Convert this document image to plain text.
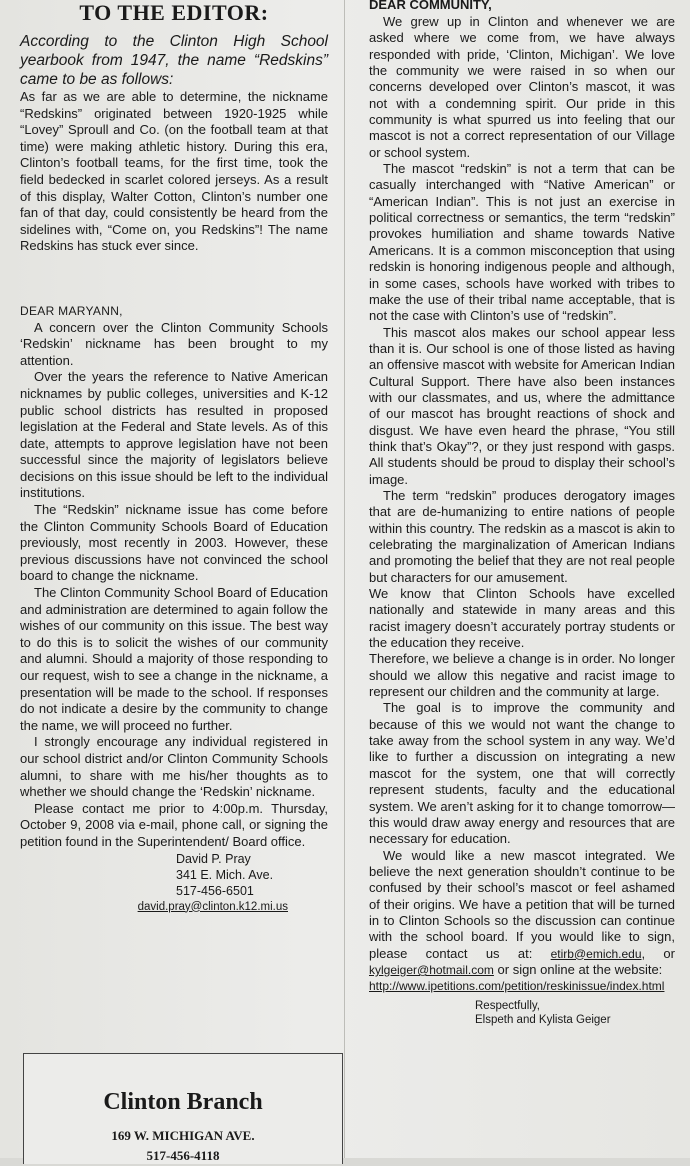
TO THE EDITOR:

According to the Clinton High School yearbook from 1947, the name “Redskins” came to be as follows:

As far as we are able to determine, the nickname “Redskins” originated between 1920-1925 while “Lovey” Sproull and Co. (on the football team at that time) were making athletic history. During this era, Clinton’s football teams, for the first time, took the field bedecked in scarlet colored jerseys. As a result of this display, Walter Cotton, Clinton’s number one fan of that day, could consistently be heard from the sidelines with, “Come on, you Redskins”! The name Redskins has stuck ever since.

DEAR MARYANN,

A concern over the Clinton Community Schools ‘Redskin’ nickname has been brought to my attention.

Over the years the reference to Native American nicknames by public colleges, universities and K-12 public school districts has resulted in proposed legislation at the Federal and State levels. As of this date, attempts to approve legislation have not been successful since the majority of legislators believe decisions on this issue should be left to the individual institutions.

The “Redskin” nickname issue has come before the Clinton Community Schools Board of Education previously, most recently in 2003. However, these previous discussions have not convinced the school board to change the nickname.

The Clinton Community School Board of Education and administration are determined to again follow the wishes of our community on this issue. The best way to do this is to solicit the wishes of our community and alumni. Should a majority of those responding to our request, wish to see a change in the nickname, a presentation will be made to the school. If responses do not indicate a desire by the community to change the name, we will proceed no further.

I strongly encourage any individual registered in our school district and/or Clinton Community Schools alumni, to share with me his/her thoughts as to whether we should change the ‘Redskin’ nickname.

Please contact me prior to 4:00p.m. Thursday, October 9, 2008 via e-mail, phone call, or signing the petition found in the Superintendent/ Board office.

David P. Pray
341 E. Mich. Ave.
517-456-6501
david.pray@clinton.k12.mi.us
Clinton Branch
169 W. MICHIGAN AVE.
517-456-4118
DEAR COMMUNITY,

We grew up in Clinton and whenever we are asked where we come from, we have always responded with pride, ‘Clinton, Michigan’. We love the community we were raised in so when our concerns developed over Clinton’s mascot, it was not with a condemning spirit. Our pride in this community is what spurred us into feeling that our mascot is not a correct representation of our Village or school system.

The mascot “redskin” is not a term that can be casually interchanged with “Native American” or “American Indian”. This is not just an exercise in political correctness or semantics, the term “redskin” provokes humiliation and shame towards Native Americans. It is a common misconception that using redskin is honoring indigenous people and although, in some cases, schools have worked with tribes to make the use of their tribal name acceptable, that is not the case with Clinton’s use of “redskin”.

This mascot alos makes our school appear less than it is. Our school is one of those listed as having an offensive mascot with website for American Indian Cultural Support. There have also been instances with our classmates, and us, where the admittance of our mascot has brought reactions of shock and disgust. We have even heard the phrase, “You still think that’s Okay”?, or they just respond with gasps. All students should be proud to display their school’s image.

The term “redskin” produces derogatory images that are de-humanizing to entire nations of people within this country. The redskin as a mascot is akin to celebrating the marginalization of American Indians and promoting the belief that they are not real people but characters for our amusement.

We know that Clinton Schools have excelled nationally and statewide in many areas and this racist imagery doesn’t accurately portray students or the education they receive.

Therefore, we believe a change is in order. No longer should we allow this negative and racist image to represent our children and the community at large.

The goal is to improve the community and because of this we would not want the change to take away from the school system in any way. We’d like to further a discussion on integrating a new mascot for the system, one that will correctly represent students, faculty and the educational system. We aren’t asking for it to change tomorrow—this would draw away energy and resources that are necessary for education.

We would like a new mascot integrated. We believe the next generation shouldn’t continue to be confused by their school’s mascot or feel ashamed of their origins. We have a petition that will be turned in to Clinton Schools so the discussion can continue with the school board. If you would like to sign, please contact us at: etirb@emich.edu, or kylgeiger@hotmail.com or sign online at the website:

http://www.ipetitions.com/petition/reskinissue/index.html

Respectfully,
Elspeth and Kylista Geiger
